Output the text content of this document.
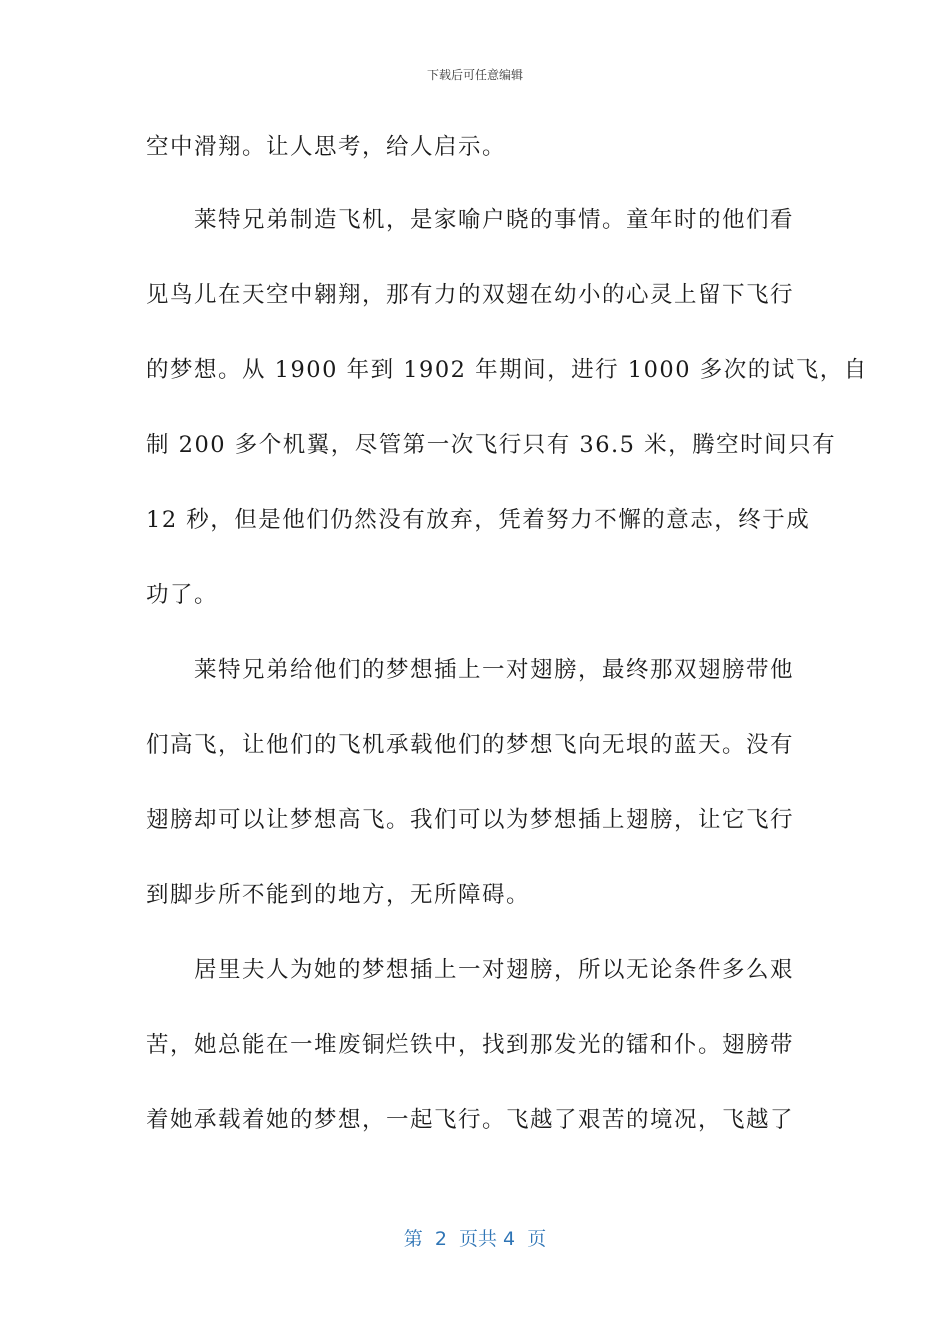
下载后可任意编辑
空中滑翔。让人思考，给人启示。
　　莱特兄弟制造飞机，是家喻户晓的事情。童年时的他们看
见鸟儿在天空中翱翔，那有力的双翅在幼小的心灵上留下飞行
的梦想。从 1900 年到 1902 年期间，进行 1000 多次的试飞，自
制 200 多个机翼，尽管第一次飞行只有 36.5 米，腾空时间只有
12 秒，但是他们仍然没有放弃，凭着努力不懈的意志，终于成
功了。
　　莱特兄弟给他们的梦想插上一对翅膀，最终那双翅膀带他
们高飞，让他们的飞机承载他们的梦想飞向无垠的蓝天。没有
翅膀却可以让梦想高飞。我们可以为梦想插上翅膀，让它飞行
到脚步所不能到的地方，无所障碍。
　　居里夫人为她的梦想插上一对翅膀，所以无论条件多么艰
苦，她总能在一堆废铜烂铁中，找到那发光的镭和仆。翅膀带
着她承载着她的梦想，一起飞行。飞越了艰苦的境况，飞越了
第  2  页共 4  页
